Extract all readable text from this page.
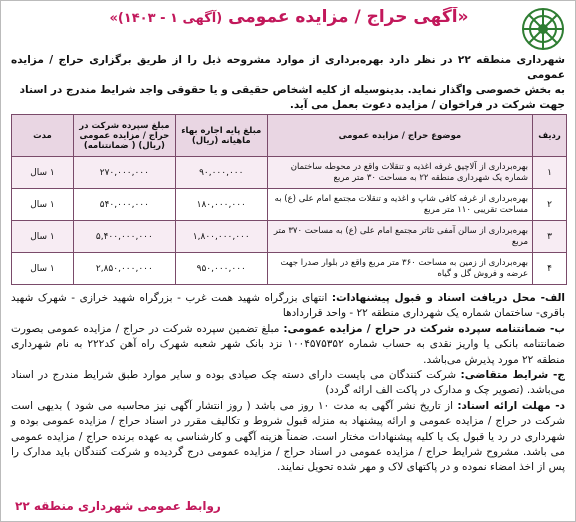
«آگهی حراج / مزایده عمومی (آگهی ۱ - ۱۴۰۳)»

شهرداری منطقه ۲۲ در نظر دارد بهره‌برداری از موارد مشروحه ذیل را از طریق برگزاری حراج / مزایده عمومی

به بخش خصوصی واگذار نماید. بدینوسیله از کلیه اشخاص حقیقی و یا حقوقی واجد شرایط مندرج در اسناد

جهت شرکت در فراخوان / مزایده دعوت بعمل می آید.

ردیف	موضوع حراج / مزایده عمومی	مبلغ پایه اجاره بهاء ماهیانه (ریال)	مبلغ سپرده شرکت در حراج / مزایده عمومی (ریال) ( ضمانتنامه)	مدت
۱	بهره‌برداری از آلاچیق غرفه اغذیه و تنقلات واقع در محوطه ساختمان شماره یک شهرداری منطقه ۲۲ به مساحت ۳۰ متر مربع	۹۰,۰۰۰,۰۰۰	۲۷۰,۰۰۰,۰۰۰	۱ سال
۲	بهره‌برداری از غرفه کافی شاپ و اغذیه و تنقلات مجتمع امام علی (ع) به مساحت تقریبی ۱۱۰ متر مربع	۱۸۰,۰۰۰,۰۰۰	۵۴۰,۰۰۰,۰۰۰	۱ سال
۳	بهره‌برداری از سالن آمفی تئاتر مجتمع امام علی (ع) به مساحت ۳۷۰ متر مربع	۱,۸۰۰,۰۰۰,۰۰۰	۵,۴۰۰,۰۰۰,۰۰۰	۱ سال
۴	بهره‌برداری از زمین به مساحت ۳۶۰ متر مربع واقع در بلوار صدرا جهت عرضه و فروش گل و گیاه	۹۵۰,۰۰۰,۰۰۰	۲,۸۵۰,۰۰۰,۰۰۰	۱ سال

الف- محل دریافت اسناد و قبول پیشنهادات: انتهای بزرگراه شهید همت غرب - بزرگراه شهید خرازی - شهرک شهید باقری- ساختمان شماره یک شهرداری منطقه ۲۲ - واحد قراردادها

ب- ضمانتنامه سپرده شرکت در حراج / مزایده عمومی: مبلغ تضمین سپرده شرکت در حراج / مزایده عمومی بصورت ضمانتنامه بانکی یا واریز نقدی به حساب شماره ۱۰۰۴۵۷۵۳۵۲ نزد بانک شهر شعبه شهرک راه آهن کد۲۲۲ به نام شهرداری منطقه ۲۲ مورد پذیرش می‌باشد.

ج- شرایط متقاضی: شرکت کنندگان می بایست دارای دسته چک صیادی بوده و سایر موارد طبق شرایط مندرج در اسناد می‌باشد. (تصویر چک و مدارک در پاکت الف ارائه گردد)

د- مهلت ارائه اسناد: از تاریخ نشر آگهی به مدت ۱۰ روز می باشد ( روز انتشار آگهی نیز محاسبه می شود ) بدیهی است شرکت در حراج / مزایده عمومی و ارائه پیشنهاد به منزله قبول شروط و تکالیف مقرر در اسناد حراج / مزایده عمومی بوده و شهرداری در رد یا قبول یک یا کلیه پیشنهادات مختار است. ضمناً هزینه آگهی و کارشناسی به عهده برنده حراج / مزایده عمومی می باشد. مشروح شرایط حراج / مزایده عمومی در اسناد حراج / مزایده عمومی درج گردیده و شرکت کنندگان باید مدارک را پس از اخذ امضاء نموده و در پاکتهای لاک و مهر شده تحویل نمایند.

روابط عمومی شهرداری منطقه ۲۲
